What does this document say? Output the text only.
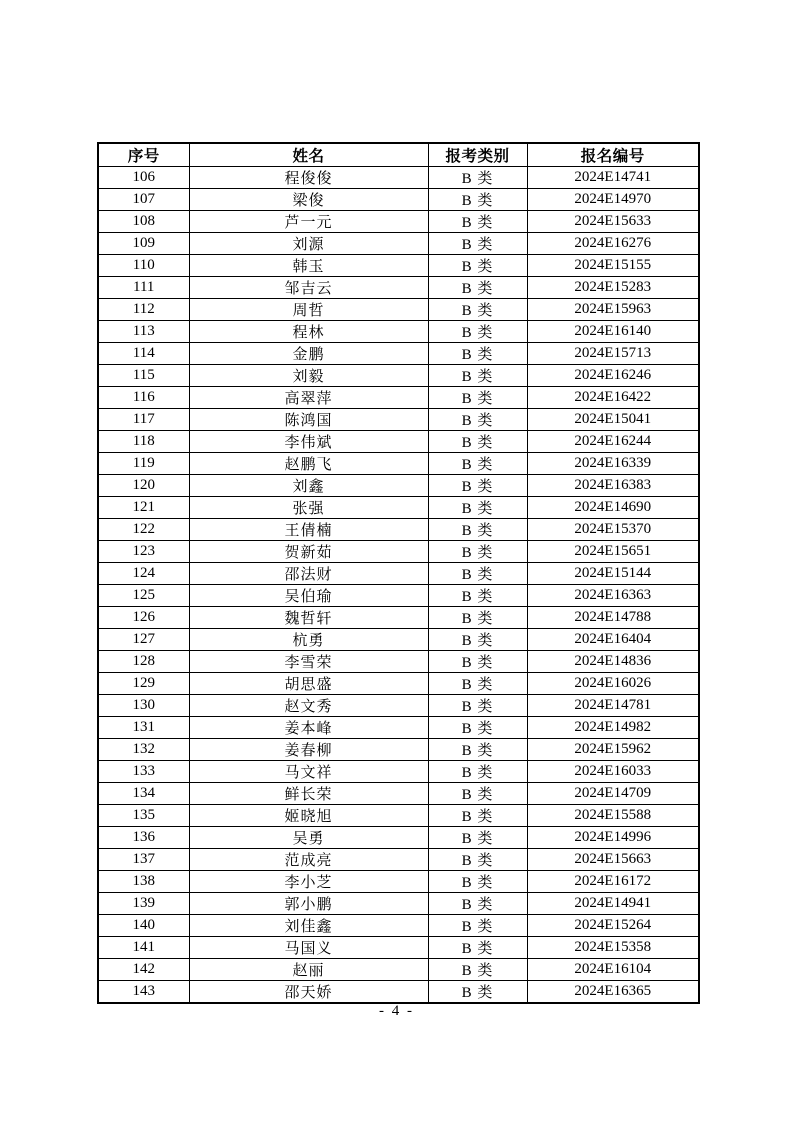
序号	姓名	报考类别	报名编号
106	程俊俊	B 类	2024E14741
107	梁俊	B 类	2024E14970
108	芦一元	B 类	2024E15633
109	刘源	B 类	2024E16276
110	韩玉	B 类	2024E15155
111	邹吉云	B 类	2024E15283
112	周哲	B 类	2024E15963
113	程林	B 类	2024E16140
114	金鹏	B 类	2024E15713
115	刘毅	B 类	2024E16246
116	高翠萍	B 类	2024E16422
117	陈鸿国	B 类	2024E15041
118	李伟斌	B 类	2024E16244
119	赵鹏飞	B 类	2024E16339
120	刘鑫	B 类	2024E16383
121	张强	B 类	2024E14690
122	王倩楠	B 类	2024E15370
123	贺新茹	B 类	2024E15651
124	邵法财	B 类	2024E15144
125	吴伯瑜	B 类	2024E16363
126	魏哲轩	B 类	2024E14788
127	杭勇	B 类	2024E16404
128	李雪荣	B 类	2024E14836
129	胡思盛	B 类	2024E16026
130	赵文秀	B 类	2024E14781
131	姜本峰	B 类	2024E14982
132	姜春柳	B 类	2024E15962
133	马文祥	B 类	2024E16033
134	鲜长荣	B 类	2024E14709
135	姬晓旭	B 类	2024E15588
136	吴勇	B 类	2024E14996
137	范成亮	B 类	2024E15663
138	李小芝	B 类	2024E16172
139	郭小鹏	B 类	2024E14941
140	刘佳鑫	B 类	2024E15264
141	马国义	B 类	2024E15358
142	赵丽	B 类	2024E16104
143	邵天娇	B 类	2024E16365
- 4 -
